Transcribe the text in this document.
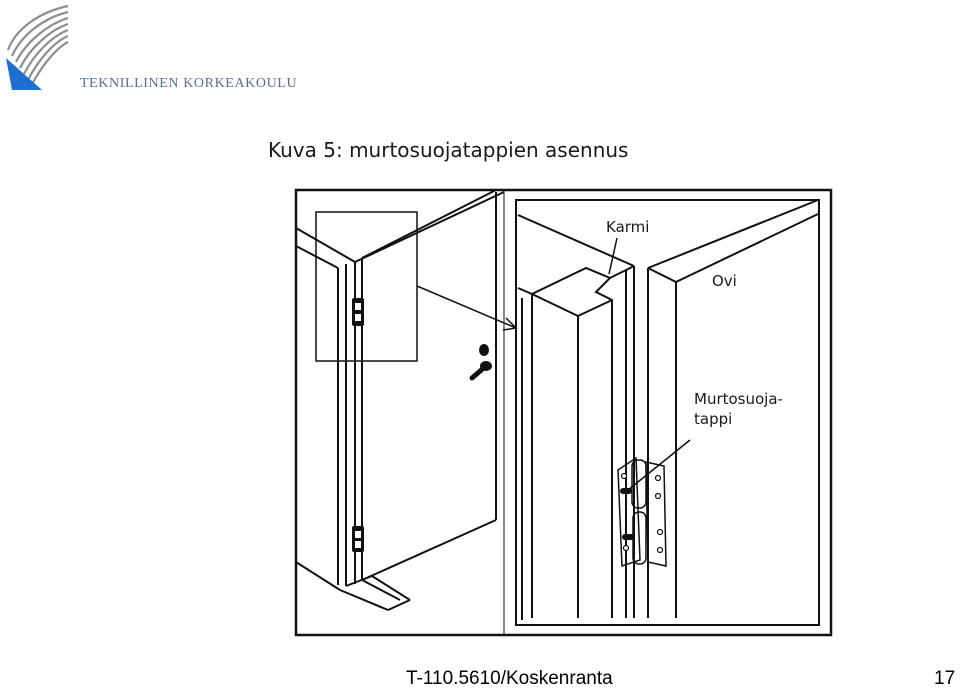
TEKNILLINEN KORKEAKOULU
Kuva 5: murtosuojatappien asennus
Karmi
Ovi
Murtosuoja-
tappi
T-110.5610/Koskenranta	17
